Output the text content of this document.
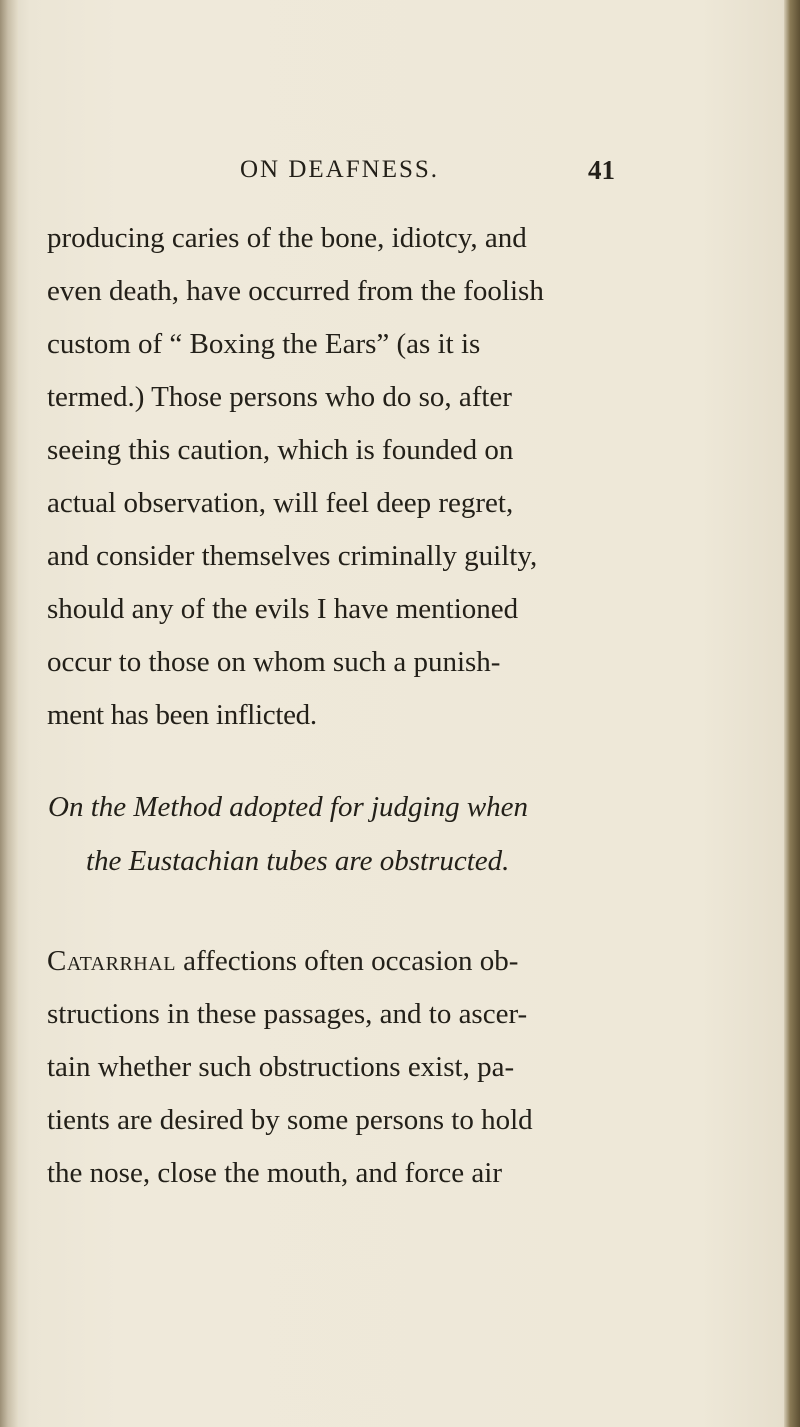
ON DEAFNESS.	41
producing caries of the bone, idiotcy, and
even death, have occurred from the foolish
custom of “ Boxing the Ears” (as it is
termed.) Those persons who do so, after
seeing this caution, which is founded on
actual observation, will feel deep regret,
and consider themselves criminally guilty,
should any of the evils I have mentioned
occur to those on whom such a punish-
ment has been inflicted.
On the Method adopted for judging when
the Eustachian tubes are obstructed.
Catarrhal affections often occasion ob-
structions in these passages, and to ascer-
tain whether such obstructions exist, pa-
tients are desired by some persons to hold
the nose, close the mouth, and force air
